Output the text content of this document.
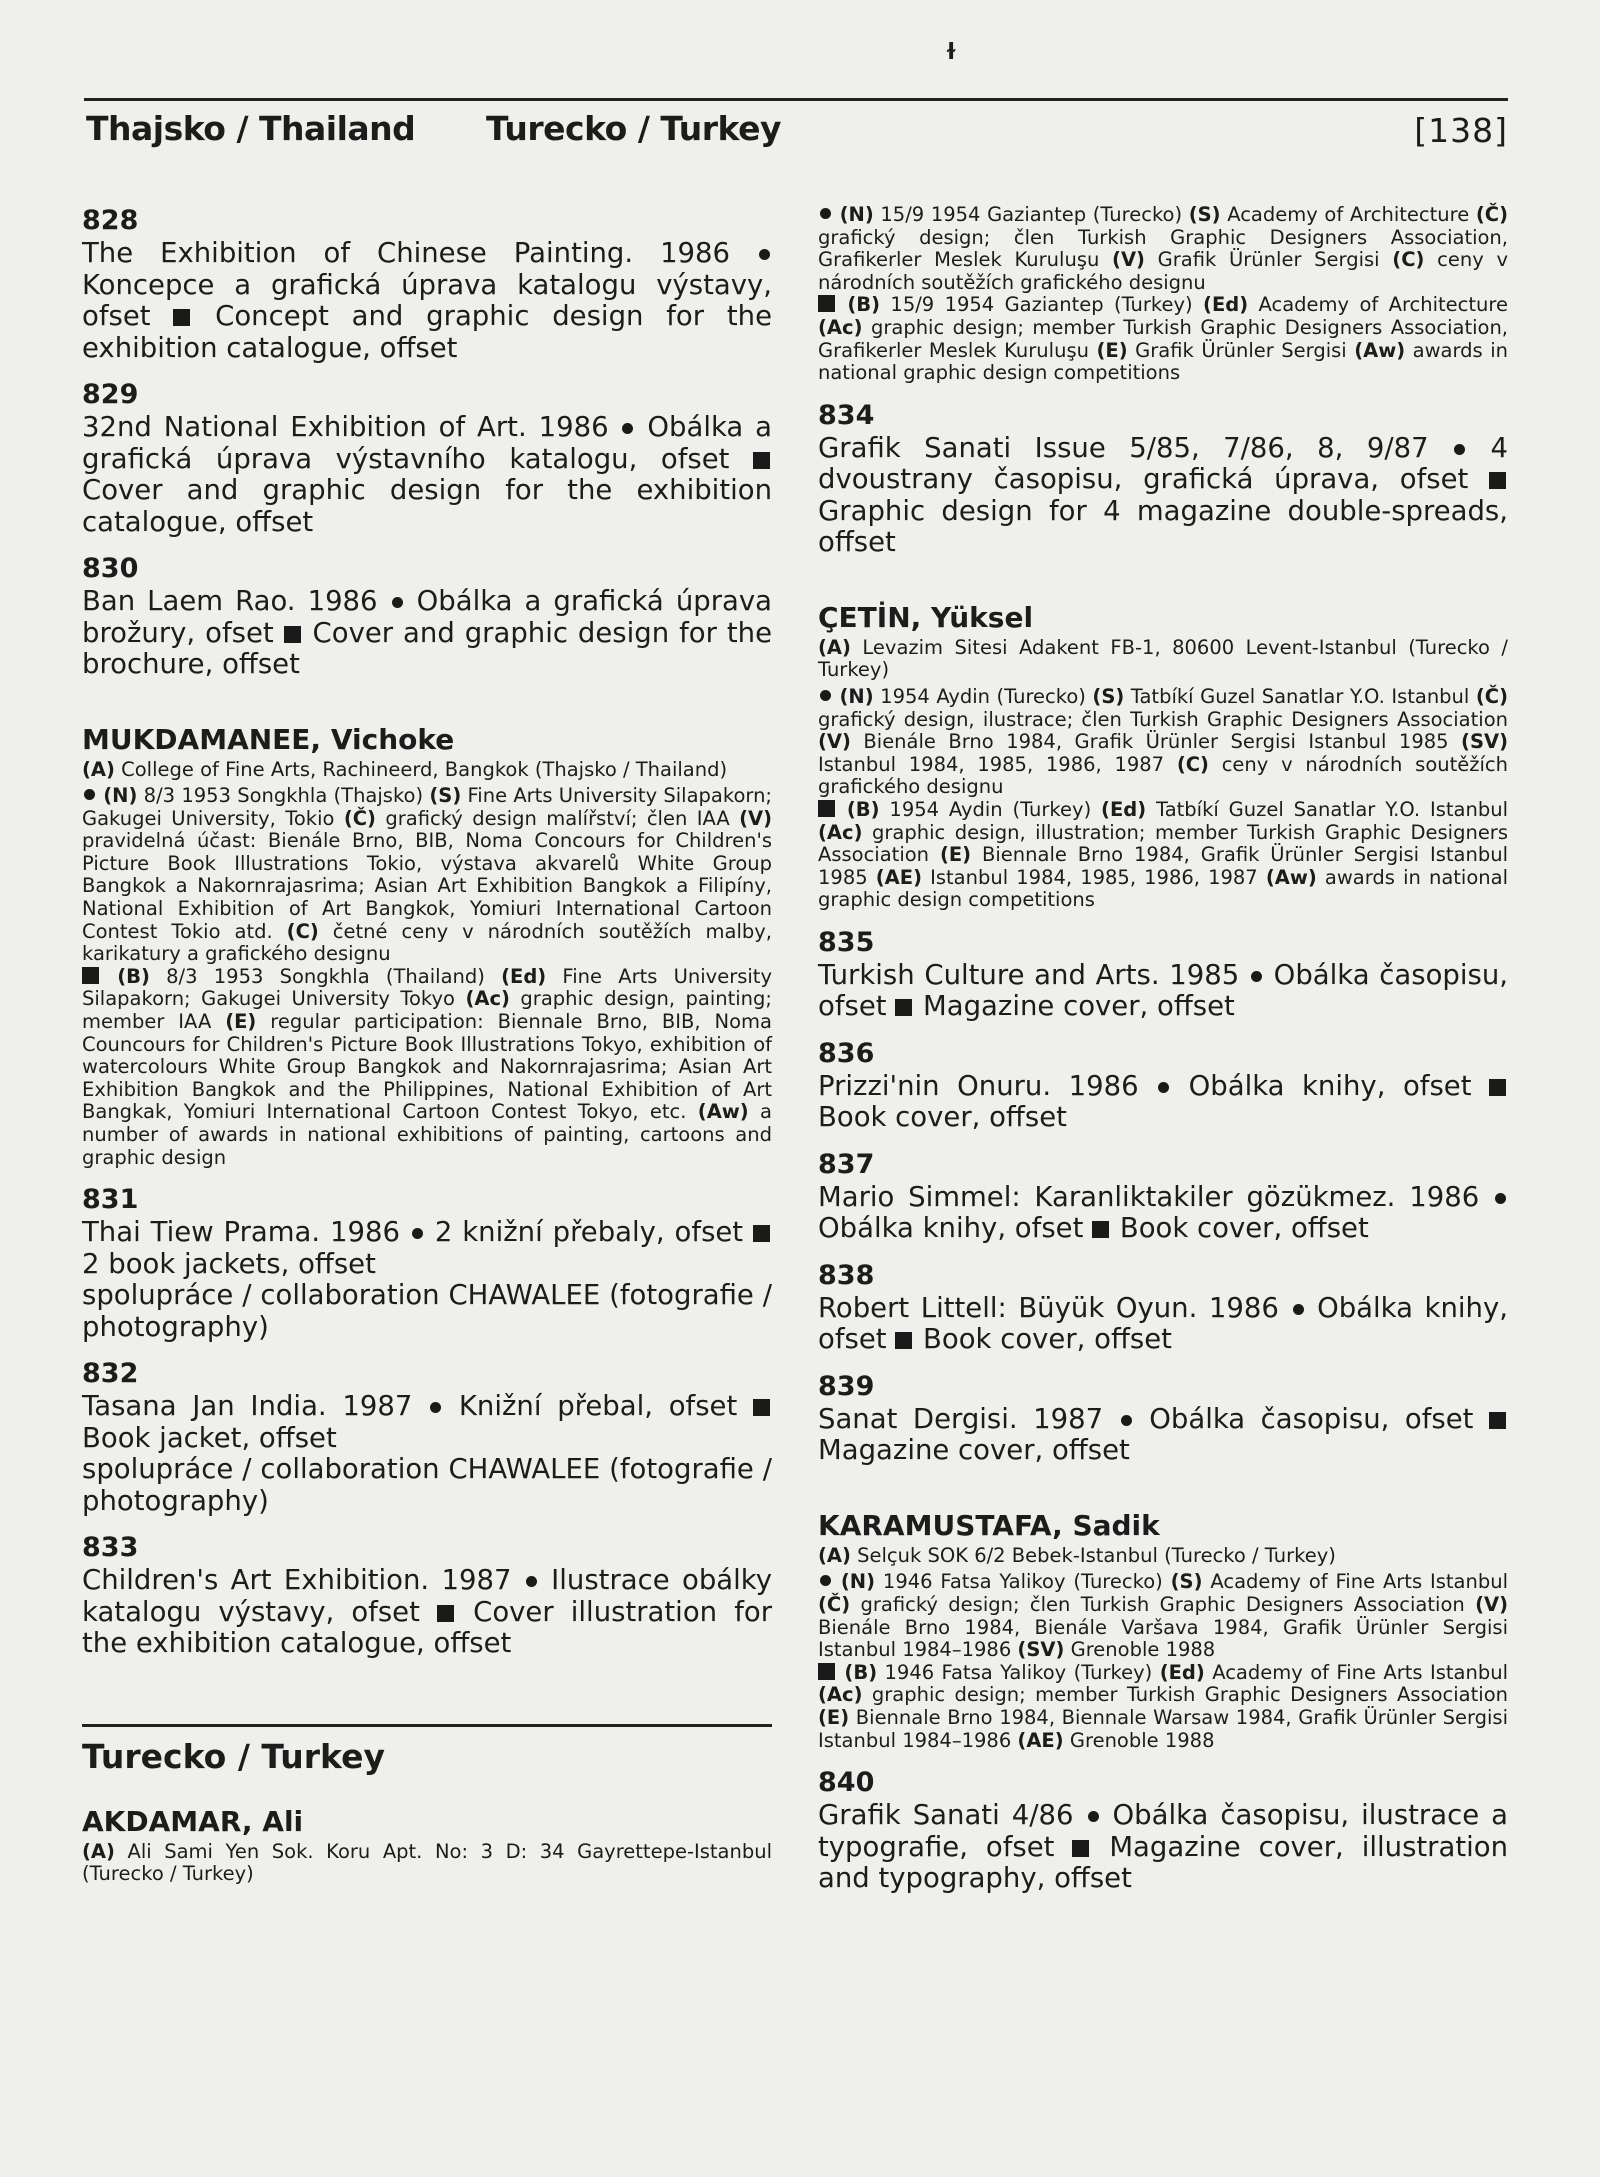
ɫ
Thajsko / Thailand Turecko / Turkey	[138]
828
The Exhibition of Chinese Painting. 1986  Koncepce a grafická úprava katalogu výstavy, ofset  Concept and graphic design for the exhibition catalogue, offset
829
32nd National Exhibition of Art. 1986  Obálka a grafická úprava výstavního katalogu, ofset  Cover and graphic design for the exhibition catalogue, offset
830
Ban Laem Rao. 1986  Obálka a grafická úprava brožury, ofset  Cover and graphic design for the brochure, offset
MUKDAMANEE, Vichoke
(A) College of Fine Arts, Rachineerd, Bangkok (Thajsko / Thailand)

(N) 8/3 1953 Songkhla (Thajsko) (S) Fine Arts University Silapakorn; Gakugei University, Tokio (Č) grafický design malířství; člen IAA (V) pravidelná účast: Bienále Brno, BIB, Noma Concours for Children's Picture Book Illustrations Tokio, výstava akvarelů White Group Bangkok a Nakornrajasrima; Asian Art Exhibition Bangkok a Filipíny, National Exhibition of Art Bangkok, Yomiuri International Cartoon Contest Tokio atd. (C) četné ceny v národních soutěžích malby, karikatury a grafického designu

(B) 8/3 1953 Songkhla (Thailand) (Ed) Fine Arts University Silapakorn; Gakugei University Tokyo (Ac) graphic design, painting; member IAA (E) regular participation: Biennale Brno, BIB, Noma Councours for Children's Picture Book Illustrations Tokyo, exhibition of watercolours White Group Bangkok and Nakornrajasrima; Asian Art Exhibition Bangkok and the Philippines, National Exhibition of Art Bangkak, Yomiuri International Cartoon Contest Tokyo, etc. (Aw) a number of awards in national exhibitions of painting, cartoons and graphic design

831
Thai Tiew Prama. 1986  2 knižní přebaly, ofset  2 book jackets, offset
spolupráce / collaboration CHAWALEE (fotografie / photography)
832
Tasana Jan India. 1987  Knižní přebal, ofset  Book jacket, offset
spolupráce / collaboration CHAWALEE (fotografie / photography)
833
Children's Art Exhibition. 1987  Ilustrace obálky katalogu výstavy, ofset  Cover illustration for the exhibition catalogue, offset
Turecko / Turkey
AKDAMAR, Ali
(A) Ali Sami Yen Sok. Koru Apt. No: 3 D: 34 Gayrettepe-Istanbul (Turecko / Turkey)

(N) 15/9 1954 Gaziantep (Turecko) (S) Academy of Architecture (Č) grafický design; člen Turkish Graphic Designers Association, Grafikerler Meslek Kuruluşu (V) Grafik Ürünler Sergisi (C) ceny v národních soutěžích grafického designu

(B) 15/9 1954 Gaziantep (Turkey) (Ed) Academy of Architecture (Ac) graphic design; member Turkish Graphic Designers Association, Grafikerler Meslek Kuruluşu (E) Grafik Ürünler Sergisi (Aw) awards in national graphic design competitions

834
Grafik Sanati Issue 5/85, 7/86, 8, 9/87  4 dvoustrany časopisu, grafická úprava, ofset  Graphic design for 4 magazine double-spreads, offset
ÇETİN, Yüksel
(A) Levazim Sitesi Adakent FB-1, 80600 Levent-Istanbul (Turecko / Turkey)

(N) 1954 Aydin (Turecko) (S) Tatbíkí Guzel Sanatlar Y.O. Istanbul (Č) grafický design, ilustrace; člen Turkish Graphic Designers Association (V) Bienále Brno 1984, Grafik Ürünler Sergisi Istanbul 1985 (SV) Istanbul 1984, 1985, 1986, 1987 (C) ceny v národních soutěžích grafického designu

(B) 1954 Aydin (Turkey) (Ed) Tatbíkí Guzel Sanatlar Y.O. Istanbul (Ac) graphic design, illustration; member Turkish Graphic Designers Association (E) Biennale Brno 1984, Grafik Ürünler Sergisi Istanbul 1985 (AE) Istanbul 1984, 1985, 1986, 1987 (Aw) awards in national graphic design competitions

835
Turkish Culture and Arts. 1985  Obálka časopisu, ofset  Magazine cover, offset
836
Prizzi'nin Onuru. 1986  Obálka knihy, ofset  Book cover, offset
837
Mario Simmel: Karanliktakiler gözükmez. 1986  Obálka knihy, ofset  Book cover, offset
838
Robert Littell: Büyük Oyun. 1986  Obálka knihy, ofset  Book cover, offset
839
Sanat Dergisi. 1987  Obálka časopisu, ofset  Magazine cover, offset
KARAMUSTAFA, Sadik
(A) Selçuk SOK 6/2 Bebek-Istanbul (Turecko / Turkey)

(N) 1946 Fatsa Yalikoy (Turecko) (S) Academy of Fine Arts Istanbul (Č) grafický design; člen Turkish Graphic Designers Association (V) Bienále Brno 1984, Bienále Varšava 1984, Grafik Ürünler Sergisi Istanbul 1984–1986 (SV) Grenoble 1988

(B) 1946 Fatsa Yalikoy (Turkey) (Ed) Academy of Fine Arts Istanbul (Ac) graphic design; member Turkish Graphic Designers Association (E) Biennale Brno 1984, Biennale Warsaw 1984, Grafik Ürünler Sergisi Istanbul 1984–1986 (AE) Grenoble 1988

840
Grafik Sanati 4/86  Obálka časopisu, ilustrace a typografie, ofset  Magazine cover, illustration and typography, offset
